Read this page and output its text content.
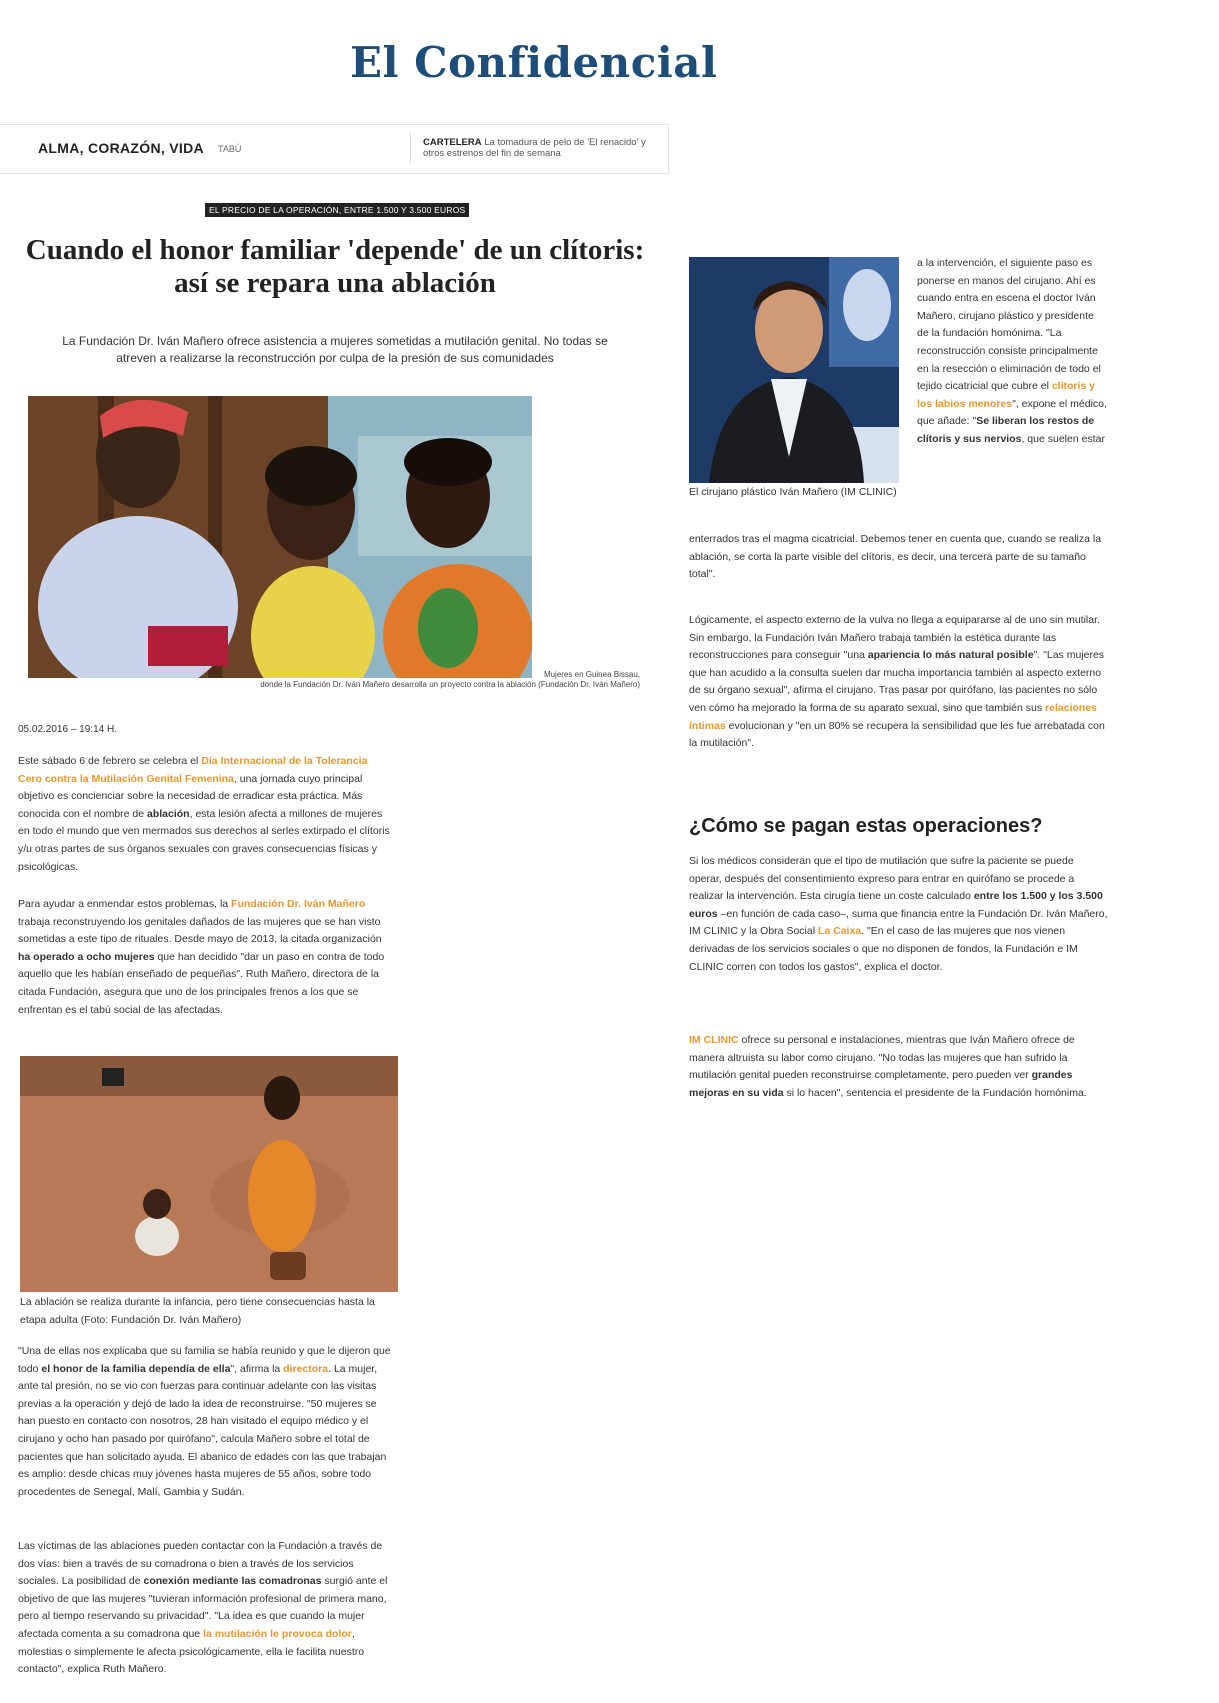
El Confidencial
ALMA, CORAZÓN, VIDA TABÚ
CARTELERA La tomadura de pelo de 'El renacido' y otros estrenos del fin de semana
EL PRECIO DE LA OPERACIÓN, ENTRE 1.500 Y 3.500 EUROS
Cuando el honor familiar 'depende' de un clítoris: así se repara una ablación
La Fundación Dr. Iván Mañero ofrece asistencia a mujeres sometidas a mutilación genital. No todas se atreven a realizarse la reconstrucción por culpa de la presión de sus comunidades
Mujeres en Guinea Bissau,
donde la Fundación Dr. Iván Mañero desarrolla un proyecto contra la ablación (Fundación Dr. Iván Mañero)
05.02.2016 – 19:14 H.

Este sábado 6 de febrero se celebra el Día Internacional de la Tolerancia Cero contra la Mutilación Genital Femenina, una jornada cuyo principal objetivo es concienciar sobre la necesidad de erradicar esta práctica. Más conocida con el nombre de ablación, esta lesión afecta a millones de mujeres en todo el mundo que ven mermados sus derechos al serles extirpado el clítoris y/u otras partes de sus órganos sexuales con graves consecuencias físicas y psicológicas.

Para ayudar a enmendar estos problemas, la Fundación Dr. Iván Mañero trabaja reconstruyendo los genitales dañados de las mujeres que se han visto sometidas a este tipo de rituales. Desde mayo de 2013, la citada organización ha operado a ocho mujeres que han decidido "dar un paso en contra de todo aquello que les habían enseñado de pequeñas". Ruth Mañero, directora de la citada Fundación, asegura que uno de los principales frenos a los que se enfrentan es el tabú social de las afectadas.

La ablación se realiza durante la infancia, pero tiene consecuencias hasta la etapa adulta (Foto: Fundación Dr. Iván Mañero)

"Una de ellas nos explicaba que su familia se había reunido y que le dijeron que todo el honor de la familia dependía de ella", afirma la directora. La mujer, ante tal presión, no se vio con fuerzas para continuar adelante con las visitas previas a la operación y dejó de lado la idea de reconstruirse. "50 mujeres se han puesto en contacto con nosotros, 28 han visitado el equipo médico y el cirujano y ocho han pasado por quirófano", calcula Mañero sobre el total de pacientes que han solicitado ayuda. El abanico de edades con las que trabajan es amplio: desde chicas muy jóvenes hasta mujeres de 55 años, sobre todo procedentes de Senegal, Malí, Gambia y Sudán.

Las víctimas de las ablaciones pueden contactar con la Fundación a través de dos vías: bien a través de su comadrona o bien a través de los servicios sociales. La posibilidad de conexión mediante las comadronas surgió ante el objetivo de que las mujeres "tuvieran información profesional de primera mano, pero al tiempo reservando su privacidad". "La idea es que cuando la mujer afectada comenta a su comadrona que la mutilación le provoca dolor, molestias o simplemente le afecta psicológicamente, ella le facilita nuestro contacto", explica Ruth Mañero.

El cirujano plástico Iván Mañero (IM CLINIC)

a la intervención, el siguiente paso es ponerse en manos del cirujano. Ahí es cuando entra en escena el doctor Iván Mañero, cirujano plástico y presidente de la fundación homónima. "La reconstrucción consiste principalmente en la resección o eliminación de todo el tejido cicatricial que cubre el clítoris y los labios menores", expone el médico, que añade: "Se liberan los restos de clítoris y sus nervios, que suelen estar

enterrados tras el magma cicatricial. Debemos tener en cuenta que, cuando se realiza la ablación, se corta la parte visible del clítoris, es decir, una tercera parte de su tamaño total".

Lógicamente, el aspecto externo de la vulva no llega a equipararse al de uno sin mutilar. Sin embargo, la Fundación Iván Mañero trabaja también la estética durante las reconstrucciones para conseguir "una apariencia lo más natural posible". "Las mujeres que han acudido a la consulta suelen dar mucha importancia también al aspecto externo de su órgano sexual", afirma el cirujano. Tras pasar por quirófano, las pacientes no sólo ven cómo ha mejorado la forma de su aparato sexual, sino que también sus relaciones íntimas evolucionan y "en un 80% se recupera la sensibilidad que les fue arrebatada con la mutilación".

¿Cómo se pagan estas operaciones?

Si los médicos consideran que el tipo de mutilación que sufre la paciente se puede operar, después del consentimiento expreso para entrar en quirófano se procede a realizar la intervención. Esta cirugía tiene un coste calculado entre los 1.500 y los 3.500 euros –en función de cada caso–, suma que financia entre la Fundación Dr. Iván Mañero, IM CLINIC y la Obra Social La Caixa. "En el caso de las mujeres que nos vienen derivadas de los servicios sociales o que no disponen de fondos, la Fundación e IM CLINIC corren con todos los gastos", explica el doctor.

IM CLINIC ofrece su personal e instalaciones, mientras que Iván Mañero ofrece de manera altruista su labor como cirujano. "No todas las mujeres que han sufrido la mutilación genital pueden reconstruirse completamente, pero pueden ver grandes mejoras en su vida si lo hacen", sentencia el presidente de la Fundación homónima.
